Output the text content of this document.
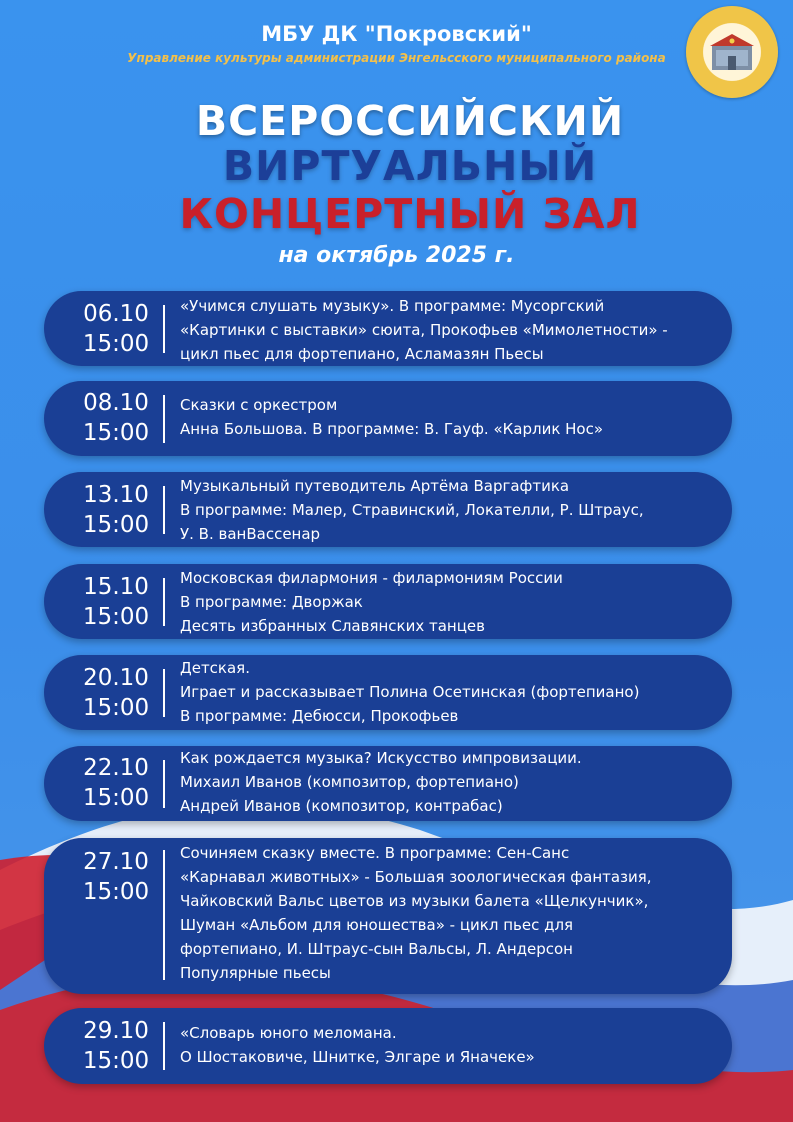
МБУ ДК "Покровский"
Управление культуры администрации Энгельсского муниципального района
ВСЕРОССИЙСКИЙ
ВИРТУАЛЬНЫЙ
КОНЦЕРТНЫЙ ЗАЛ
на октябрь 2025 г.
06.10
15:00
«Учимся слушать музыку». В программе: Мусоргский
«Картинки с выставки» сюита, Прокофьев «Мимолетности» -
цикл пьес для фортепиано, Асламазян Пьесы
08.10
15:00
Сказки с оркестром
Анна Большова. В программе: В. Гауф. «Карлик Нос»
13.10
15:00
Музыкальный путеводитель Артёма Варгафтика
В программе: Малер, Стравинский, Локателли, Р. Штраус,
У. В. ванВассенар
15.10
15:00
Московская филармония - филармониям России
В программе: Дворжак
Десять избранных Славянских танцев
20.10
15:00
Детская.
Играет и рассказывает Полина Осетинская (фортепиано)
В программе: Дебюсси, Прокофьев
22.10
15:00
Как рождается музыка? Искусство импровизации.
Михаил Иванов (композитор, фортепиано)
Андрей Иванов (композитор, контрабас)
27.10
15:00
Сочиняем сказку вместе. В программе: Сен-Санс
«Карнавал животных» - Большая зоологическая фантазия,
Чайковский Вальс цветов из музыки балета «Щелкунчик»,
Шуман «Альбом для юношества» - цикл пьес для
фортепиано, И. Штраус-сын Вальсы, Л. Андерсон
Популярные пьесы
29.10
15:00
«Словарь юного меломана.
О Шостаковиче, Шнитке, Элгаре и Яначеке»
